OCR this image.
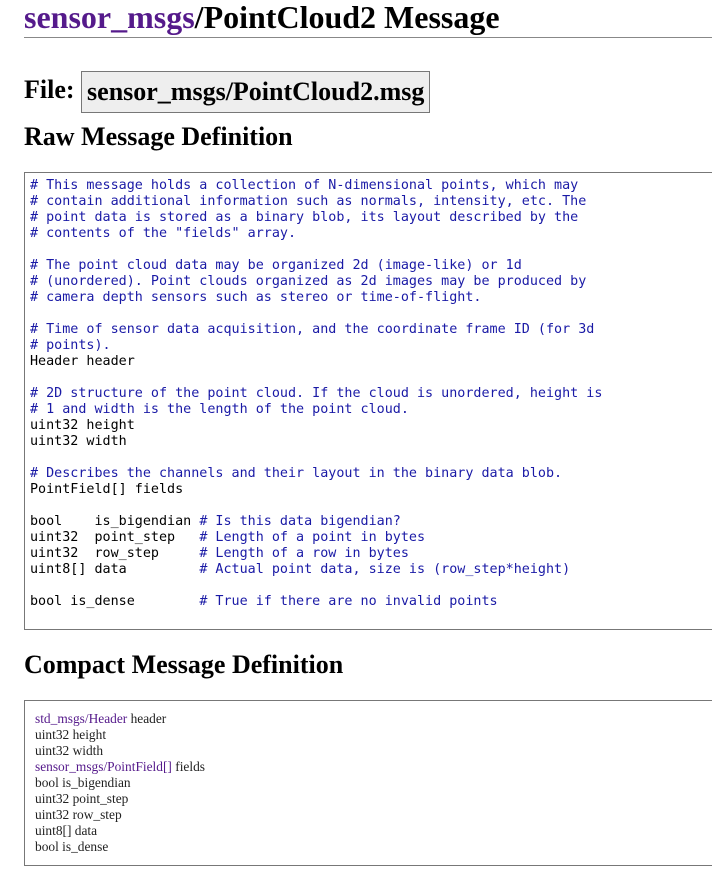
sensor_msgs/PointCloud2 Message
File: sensor_msgs/PointCloud2.msg
Raw Message Definition
# This message holds a collection of N-dimensional points, which may
# contain additional information such as normals, intensity, etc. The
# point data is stored as a binary blob, its layout described by the
# contents of the "fields" array.
# The point cloud data may be organized 2d (image-like) or 1d
# (unordered). Point clouds organized as 2d images may be produced by
# camera depth sensors such as stereo or time-of-flight.
# Time of sensor data acquisition, and the coordinate frame ID (for 3d
# points).
Header header
# 2D structure of the point cloud. If the cloud is unordered, height is
# 1 and width is the length of the point cloud.
uint32 height
uint32 width
# Describes the channels and their layout in the binary data blob.
PointField[] fields
bool    is_bigendian # Is this data bigendian?
uint32  point_step   # Length of a point in bytes
uint32  row_step     # Length of a row in bytes
uint8[] data         # Actual point data, size is (row_step*height)
bool is_dense        # True if there are no invalid points
Compact Message Definition
std_msgs/Header header
uint32 height
uint32 width
sensor_msgs/PointField[] fields
bool is_bigendian
uint32 point_step
uint32 row_step
uint8[] data
bool is_dense
